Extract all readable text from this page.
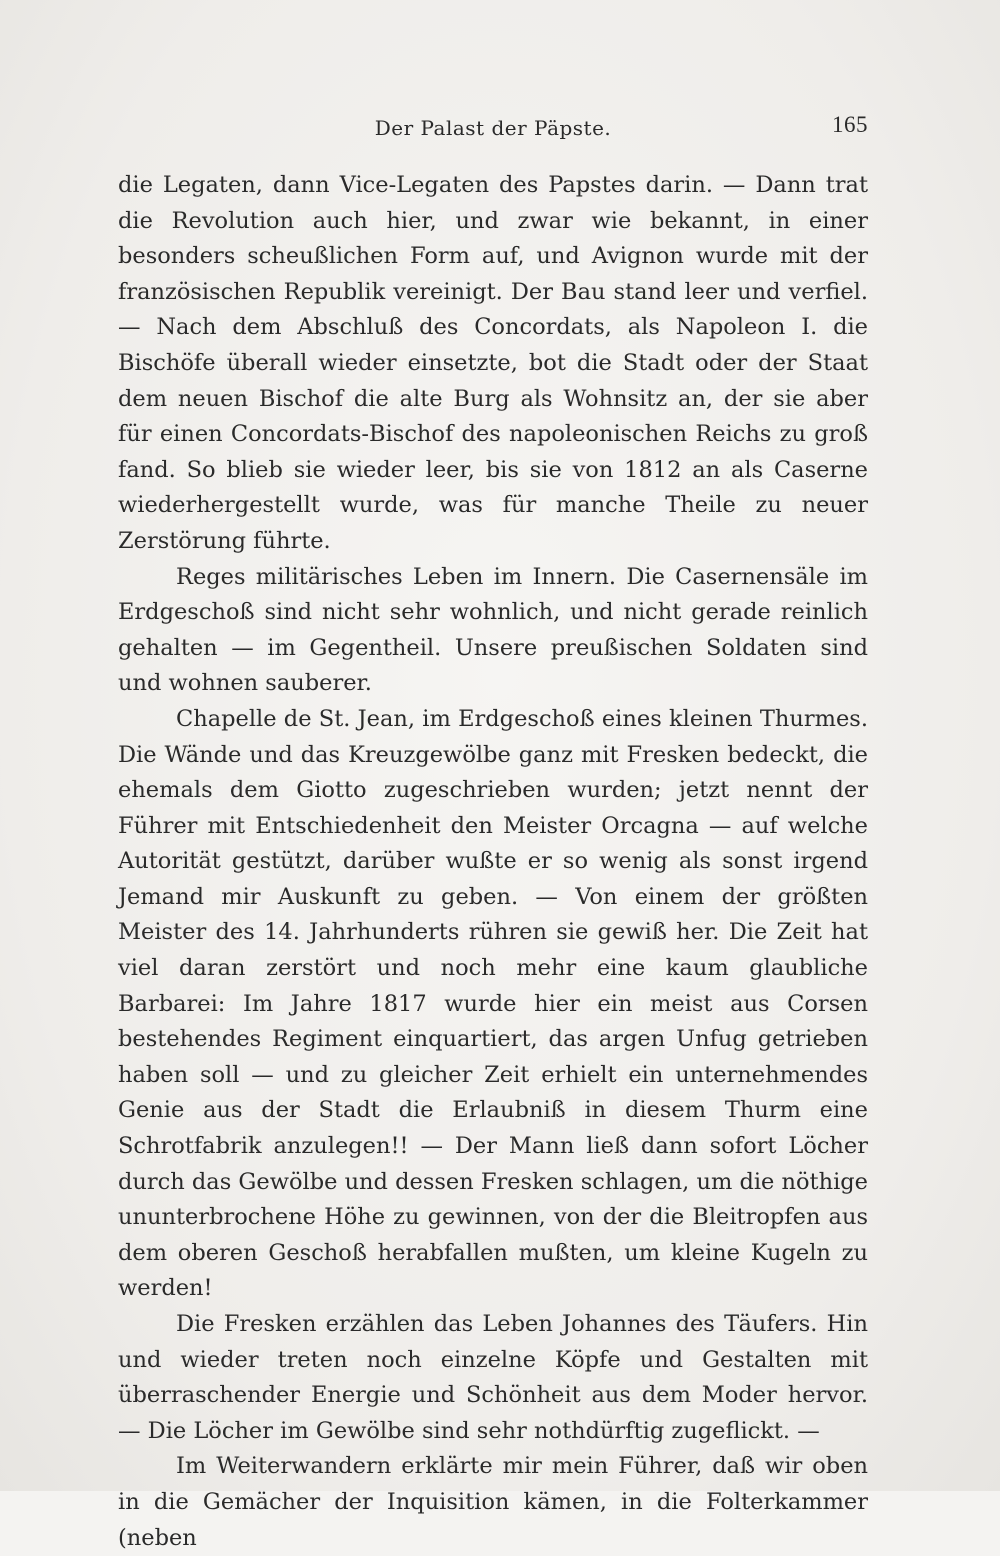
Der Palast der Päpste.	165

die Legaten, dann Vice-Legaten des Papstes darin. — Dann trat die Revolution auch hier, und zwar wie bekannt, in einer besonders scheußlichen Form auf, und Avignon wurde mit der französischen Republik vereinigt. Der Bau stand leer und verfiel. — Nach dem Abschluß des Concordats, als Napoleon I. die Bischöfe überall wieder einsetzte, bot die Stadt oder der Staat dem neuen Bischof die alte Burg als Wohnsitz an, der sie aber für einen Concordats-Bischof des napoleonischen Reichs zu groß fand. So blieb sie wieder leer, bis sie von 1812 an als Caserne wiederhergestellt wurde, was für manche Theile zu neuer Zerstörung führte.

Reges militärisches Leben im Innern. Die Casernensäle im Erdgeschoß sind nicht sehr wohnlich, und nicht gerade reinlich gehalten — im Gegentheil. Unsere preußischen Soldaten sind und wohnen sauberer.

Chapelle de St. Jean, im Erdgeschoß eines kleinen Thurmes. Die Wände und das Kreuzgewölbe ganz mit Fresken bedeckt, die ehemals dem Giotto zugeschrieben wurden; jetzt nennt der Führer mit Entschiedenheit den Meister Orcagna — auf welche Autorität gestützt, darüber wußte er so wenig als sonst irgend Jemand mir Auskunft zu geben. — Von einem der größten Meister des 14. Jahrhunderts rühren sie gewiß her. Die Zeit hat viel daran zerstört und noch mehr eine kaum glaubliche Barbarei: Im Jahre 1817 wurde hier ein meist aus Corsen bestehendes Regiment einquartiert, das argen Unfug getrieben haben soll — und zu gleicher Zeit erhielt ein unternehmendes Genie aus der Stadt die Erlaubniß in diesem Thurm eine Schrotfabrik anzulegen!! — Der Mann ließ dann sofort Löcher durch das Gewölbe und dessen Fresken schlagen, um die nöthige ununterbrochene Höhe zu gewinnen, von der die Bleitropfen aus dem oberen Geschoß herabfallen mußten, um kleine Kugeln zu werden!

Die Fresken erzählen das Leben Johannes des Täufers. Hin und wieder treten noch einzelne Köpfe und Gestalten mit überraschender Energie und Schönheit aus dem Moder hervor. — Die Löcher im Gewölbe sind sehr nothdürftig zugeflickt. —

Im Weiterwandern erklärte mir mein Führer, daß wir oben in die Gemächer der Inquisition kämen, in die Folterkammer (neben
